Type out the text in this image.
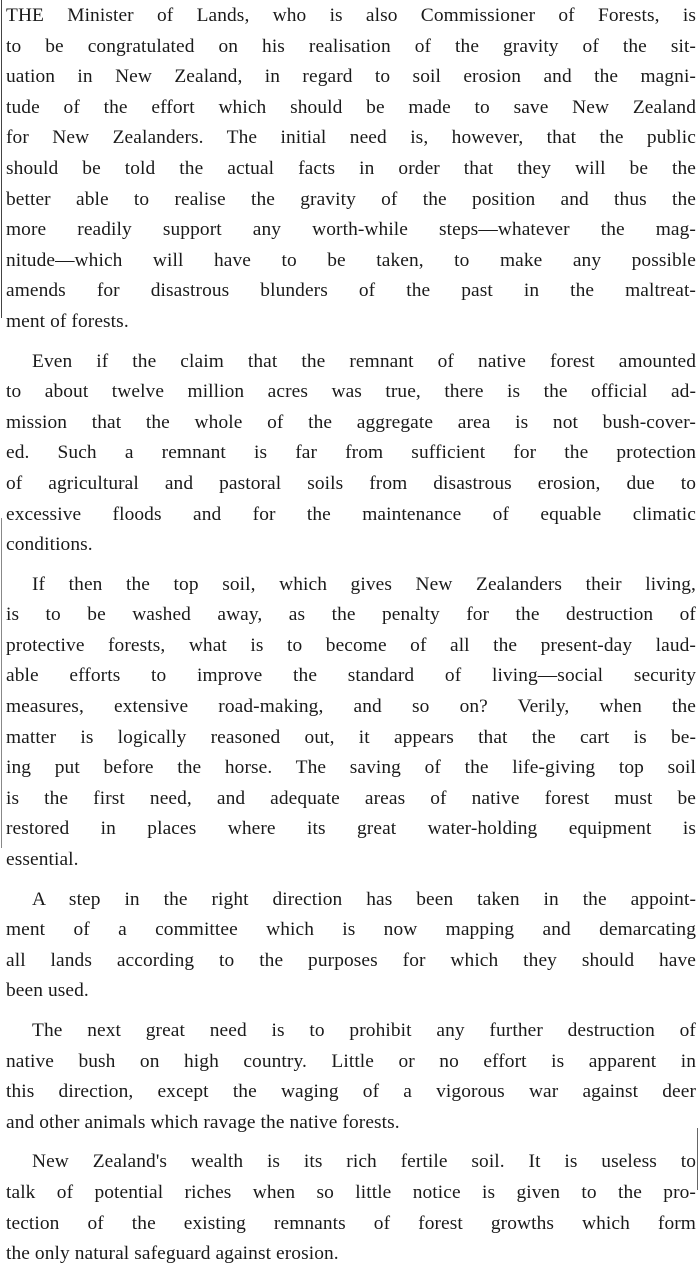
THE Minister of Lands, who is also Commissioner of Forests, is
to be congratulated on his realisation of the gravity of the sit-
uation in New Zealand, in regard to soil erosion and the magni-
tude of the effort which should be made to save New Zealand
for New Zealanders. The initial need is, however, that the public
should be told the actual facts in order that they will be the
better able to realise the gravity of the position and thus the
more readily support any worth-while steps—whatever the mag-
nitude—which will have to be taken, to make any possible
amends for disastrous blunders of the past in the maltreat-
ment of forests.

Even if the claim that the remnant of native forest amounted
to about twelve million acres was true, there is the official ad-
mission that the whole of the aggregate area is not bush-cover-
ed. Such a remnant is far from sufficient for the protection
of agricultural and pastoral soils from disastrous erosion, due to
excessive floods and for the maintenance of equable climatic
conditions.

If then the top soil, which gives New Zealanders their living,
is to be washed away, as the penalty for the destruction of
protective forests, what is to become of all the present-day laud-
able efforts to improve the standard of living—social security
measures, extensive road-making, and so on? Verily, when the
matter is logically reasoned out, it appears that the cart is be-
ing put before the horse. The saving of the life-giving top soil
is the first need, and adequate areas of native forest must be
restored in places where its great water-holding equipment is
essential.

A step in the right direction has been taken in the appoint-
ment of a committee which is now mapping and demarcating
all lands according to the purposes for which they should have
been used.

The next great need is to prohibit any further destruction of
native bush on high country. Little or no effort is apparent in
this direction, except the waging of a vigorous war against deer
and other animals which ravage the native forests.

New Zealand's wealth is its rich fertile soil. It is useless to
talk of potential riches when so little notice is given to the pro-
tection of the existing remnants of forest growths which form
the only natural safeguard against erosion.
